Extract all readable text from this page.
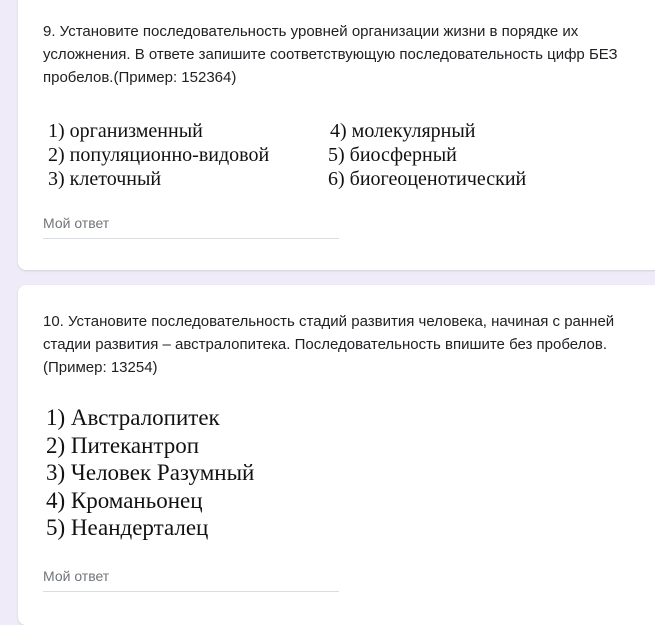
9. Установите последовательность уровней организации жизни в порядке их усложнения. В ответе запишите соответствующую последовательность цифр БЕЗ пробелов.(Пример: 152364)
1) организменный
2) популяционно-видовой
3) клеточный
4) молекулярный
5) биосферный
6) биогеоценотический
Мой ответ
10. Установите последовательность стадий развития человека, начиная с ранней стадии развития – австралопитека. Последовательность впишите без пробелов. (Пример: 13254)
1) Австралопитек
2) Питекантроп
3) Человек Разумный
4) Кроманьонец
5) Неандерталец
Мой ответ
